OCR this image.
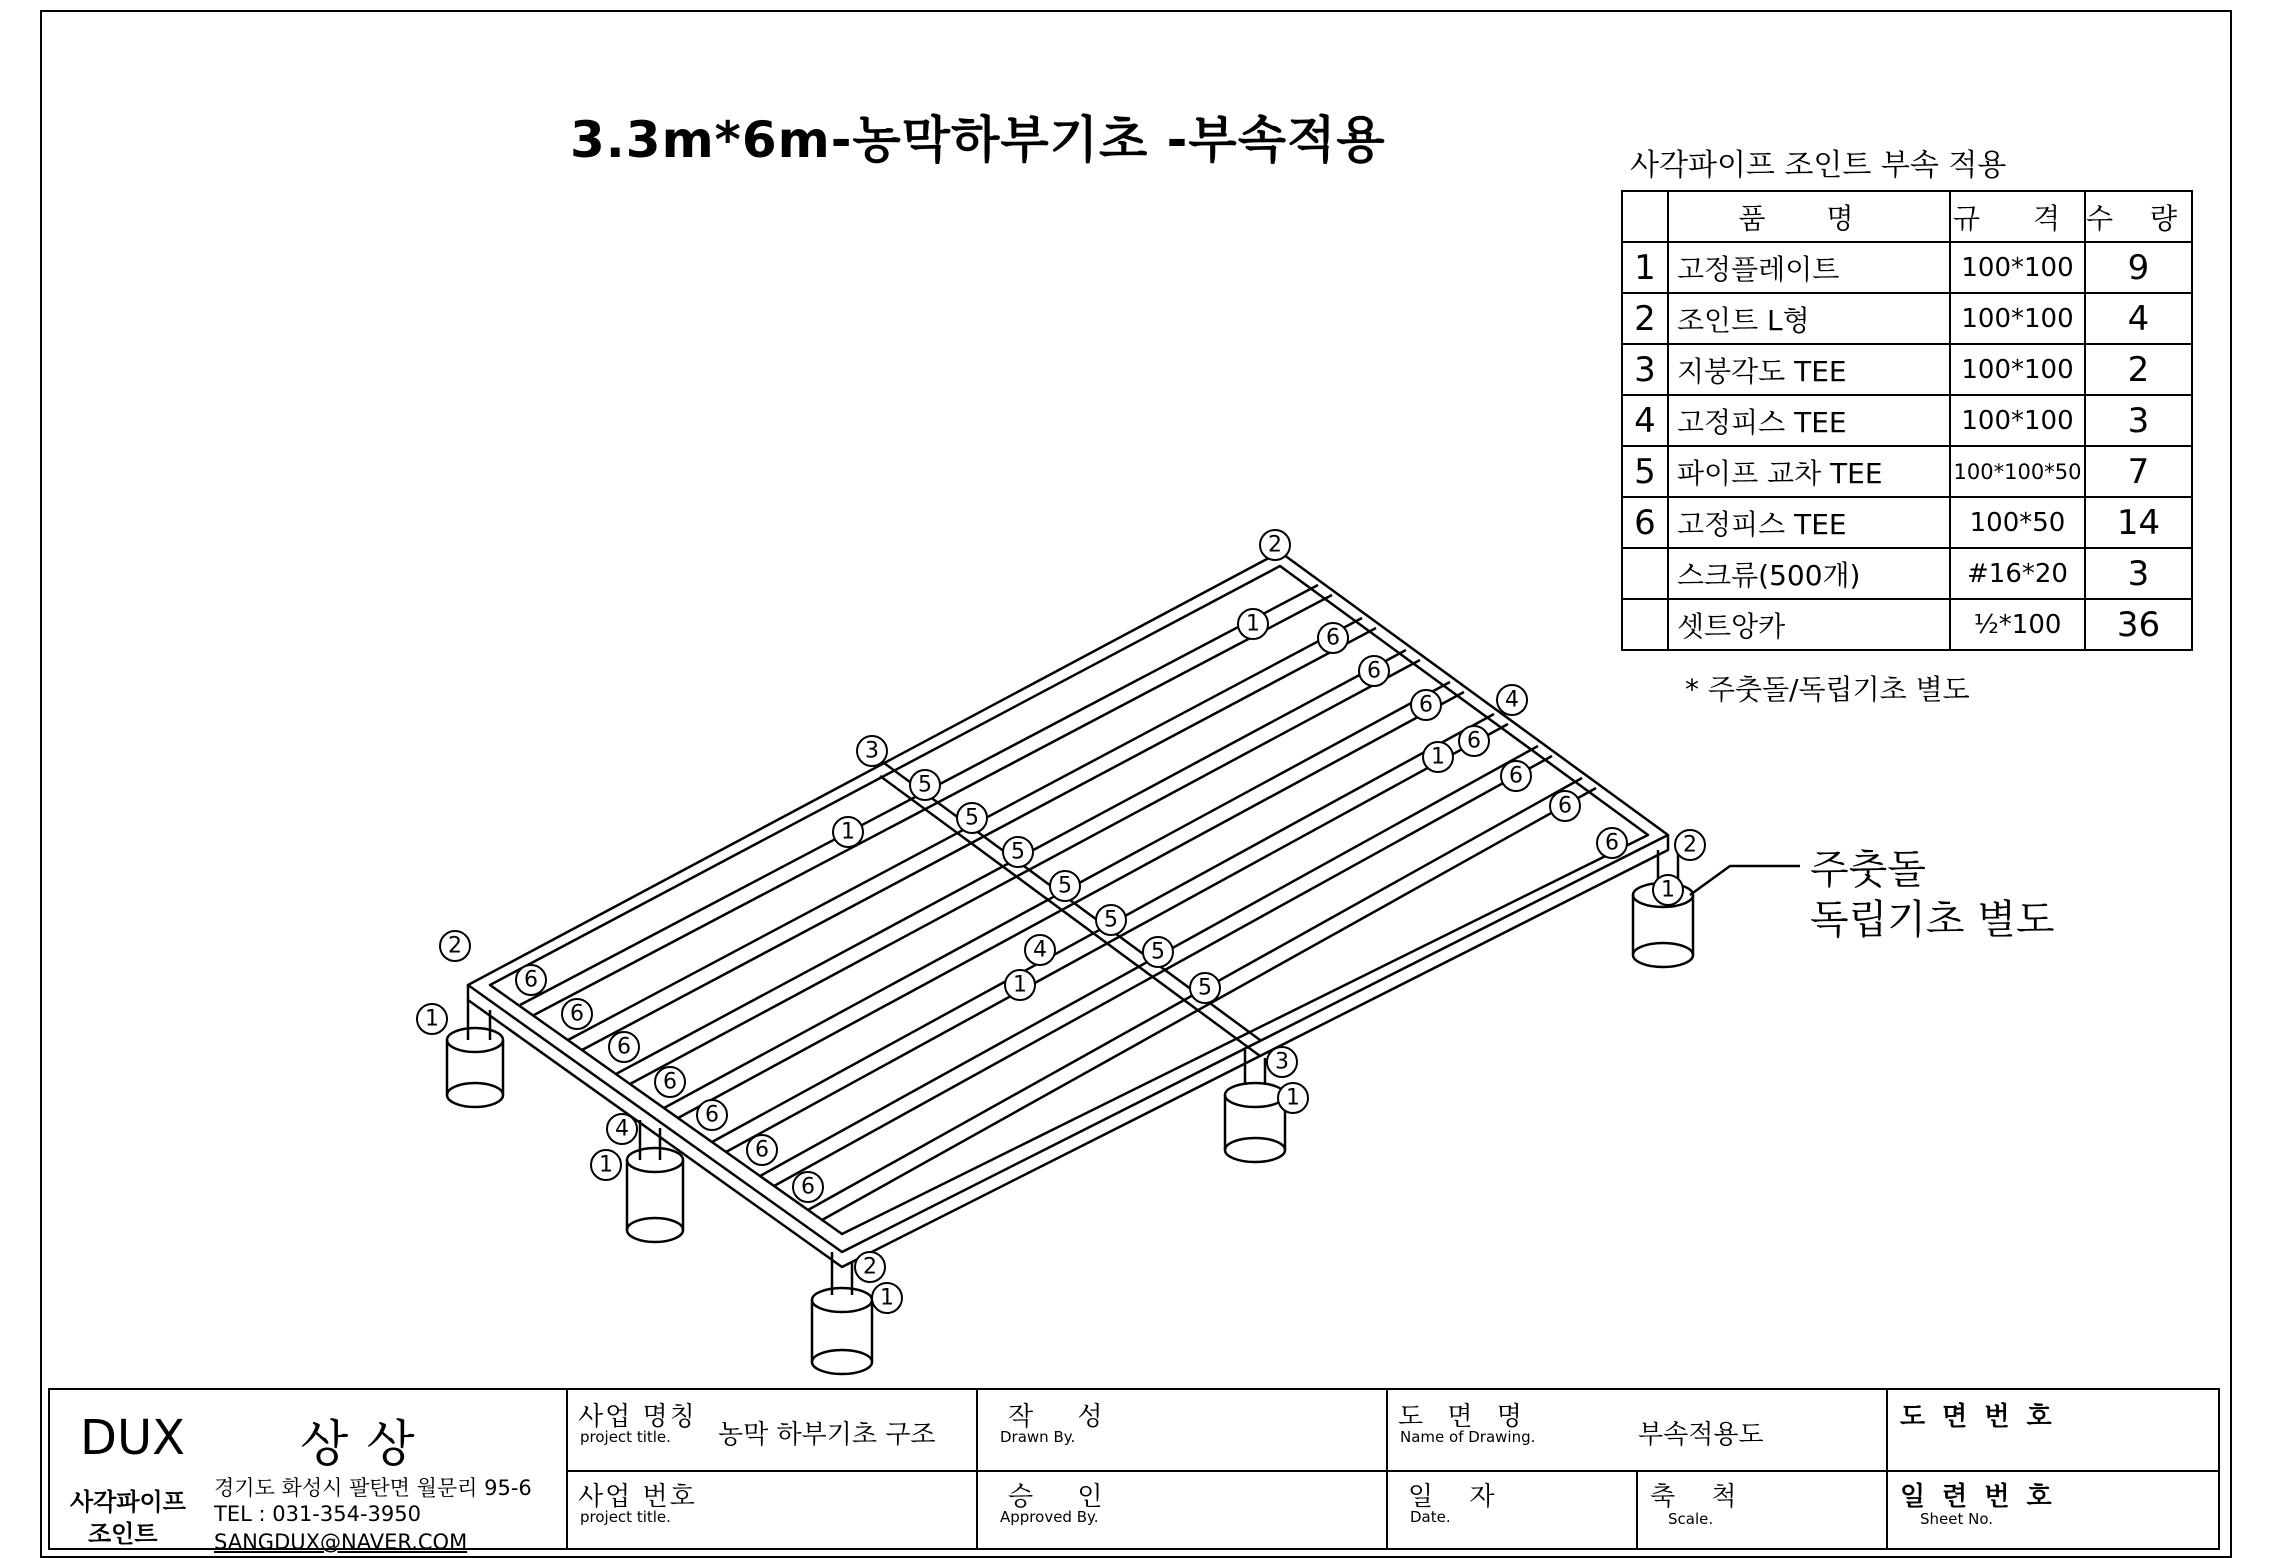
3.3m*6m-농막하부기초 -부속적용	사각파이프 조인트 부속 적용
	품 명	규 격	수 량
1	고정플레이트	100*100	9
2	조인트 L형	100*100	4
3	지붕각도 TEE	100*100	2
4	고정피스 TEE	100*100	3
5	파이프 교차 TEE	100*100*50	7
6	고정피스 TEE	100*50	14
	스크류(500개)	#16*20	3
	셋트앙카	½*100	36
* 주춧돌/독립기초 별도
주춧돌
독립기초 별도
2
1
6
6
6	4
1
6
6
6
6	2
1
3
5
5
1
5
5
5
4
1
5
5
2
6
1	6
6
6
6
6
6
4
1
2
1
3
1
DUX 상상
사각파이프
조인트
경기도 화성시 팔탄면 월문리 95-6
TEL : 031-354-3950
SANGDUX@NAVER.COM
사업 명칭
project title. 농막 하부기초 구조
사업 번호
project title.
작 성
Drawn By.
승 인
Approved By.
도 면 명
Name of Drawing.	부속적용도
일 자
Date.
축 척
Scale.
도 면 번 호
일 련 번 호
Sheet No.
